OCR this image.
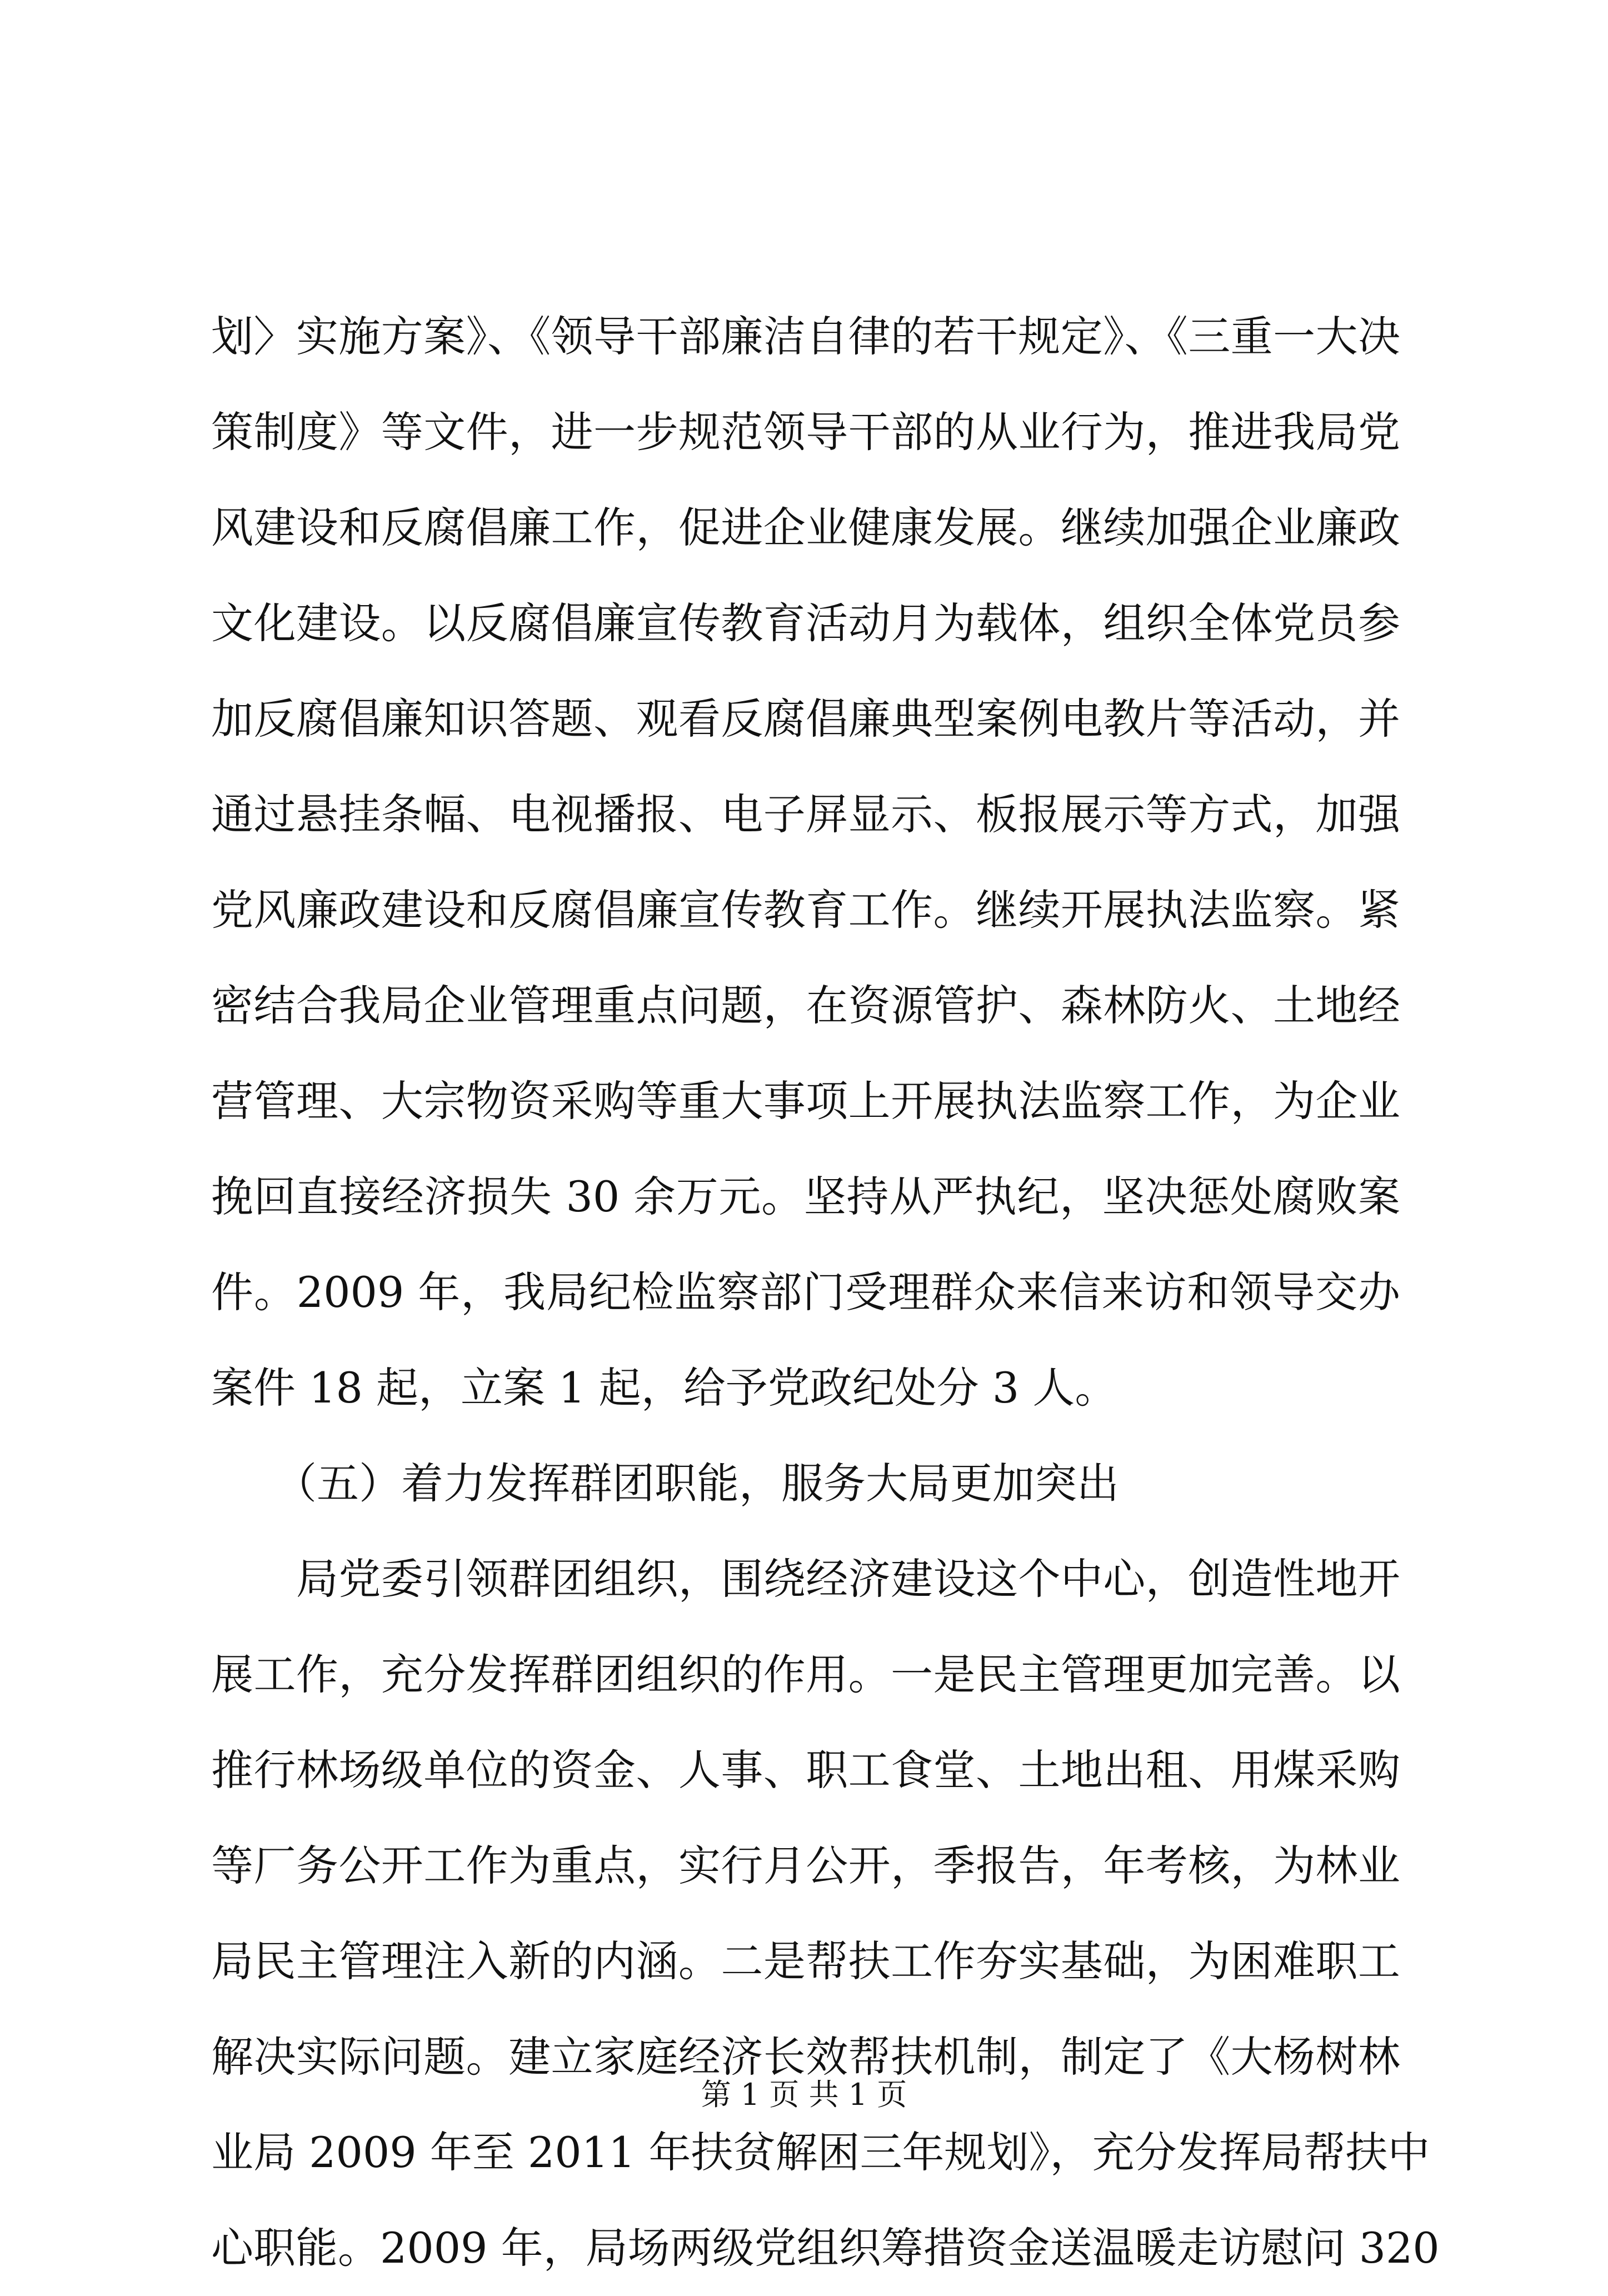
划〉实施方案》、《领导干部廉洁自律的若干规定》、《三重一大决
策制度》等文件，进一步规范领导干部的从业行为，推进我局党
风建设和反腐倡廉工作，促进企业健康发展。继续加强企业廉政
文化建设。以反腐倡廉宣传教育活动月为载体，组织全体党员参
加反腐倡廉知识答题、观看反腐倡廉典型案例电教片等活动，并
通过悬挂条幅、电视播报、电子屏显示、板报展示等方式，加强
党风廉政建设和反腐倡廉宣传教育工作。继续开展执法监察。紧
密结合我局企业管理重点问题，在资源管护、森林防火、土地经
营管理、大宗物资采购等重大事项上开展执法监察工作，为企业
挽回直接经济损失 30 余万元。坚持从严执纪，坚决惩处腐败案
件。2009 年，我局纪检监察部门受理群众来信来访和领导交办
案件 18 起，立案 1 起，给予党政纪处分 3 人。
　　（五）着力发挥群团职能，服务大局更加突出
　　局党委引领群团组织，围绕经济建设这个中心，创造性地开
展工作，充分发挥群团组织的作用。一是民主管理更加完善。以
推行林场级单位的资金、人事、职工食堂、土地出租、用煤采购
等厂务公开工作为重点，实行月公开，季报告，年考核，为林业
局民主管理注入新的内涵。二是帮扶工作夯实基础，为困难职工
解决实际问题。建立家庭经济长效帮扶机制，制定了《大杨树林
业局 2009 年至 2011 年扶贫解困三年规划》，充分发挥局帮扶中
心职能。2009 年，局场两级党组织筹措资金送温暖走访慰问 320
第 1 页 共 1 页
